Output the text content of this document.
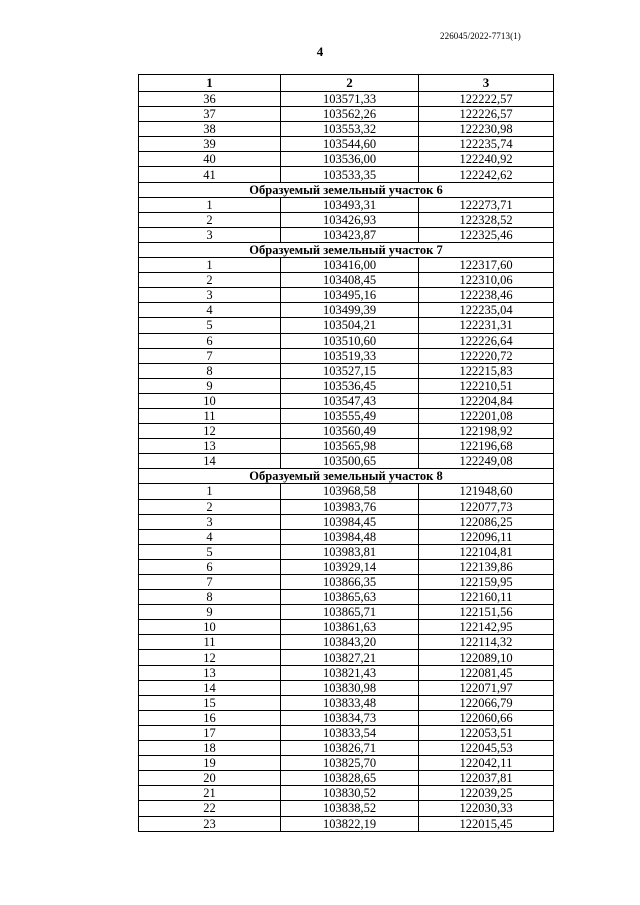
226045/2022-7713(1)
4
1	2	3
36	103571,33	122222,57
37	103562,26	122226,57
38	103553,32	122230,98
39	103544,60	122235,74
40	103536,00	122240,92
41	103533,35	122242,62
Образуемый земельный участок 6		
1	103493,31	122273,71
2	103426,93	122328,52
3	103423,87	122325,46
Образуемый земельный участок 7		
1	103416,00	122317,60
2	103408,45	122310,06
3	103495,16	122238,46
4	103499,39	122235,04
5	103504,21	122231,31
6	103510,60	122226,64
7	103519,33	122220,72
8	103527,15	122215,83
9	103536,45	122210,51
10	103547,43	122204,84
11	103555,49	122201,08
12	103560,49	122198,92
13	103565,98	122196,68
14	103500,65	122249,08
Образуемый земельный участок 8		
1	103968,58	121948,60
2	103983,76	122077,73
3	103984,45	122086,25
4	103984,48	122096,11
5	103983,81	122104,81
6	103929,14	122139,86
7	103866,35	122159,95
8	103865,63	122160,11
9	103865,71	122151,56
10	103861,63	122142,95
11	103843,20	122114,32
12	103827,21	122089,10
13	103821,43	122081,45
14	103830,98	122071,97
15	103833,48	122066,79
16	103834,73	122060,66
17	103833,54	122053,51
18	103826,71	122045,53
19	103825,70	122042,11
20	103828,65	122037,81
21	103830,52	122039,25
22	103838,52	122030,33
23	103822,19	122015,45
